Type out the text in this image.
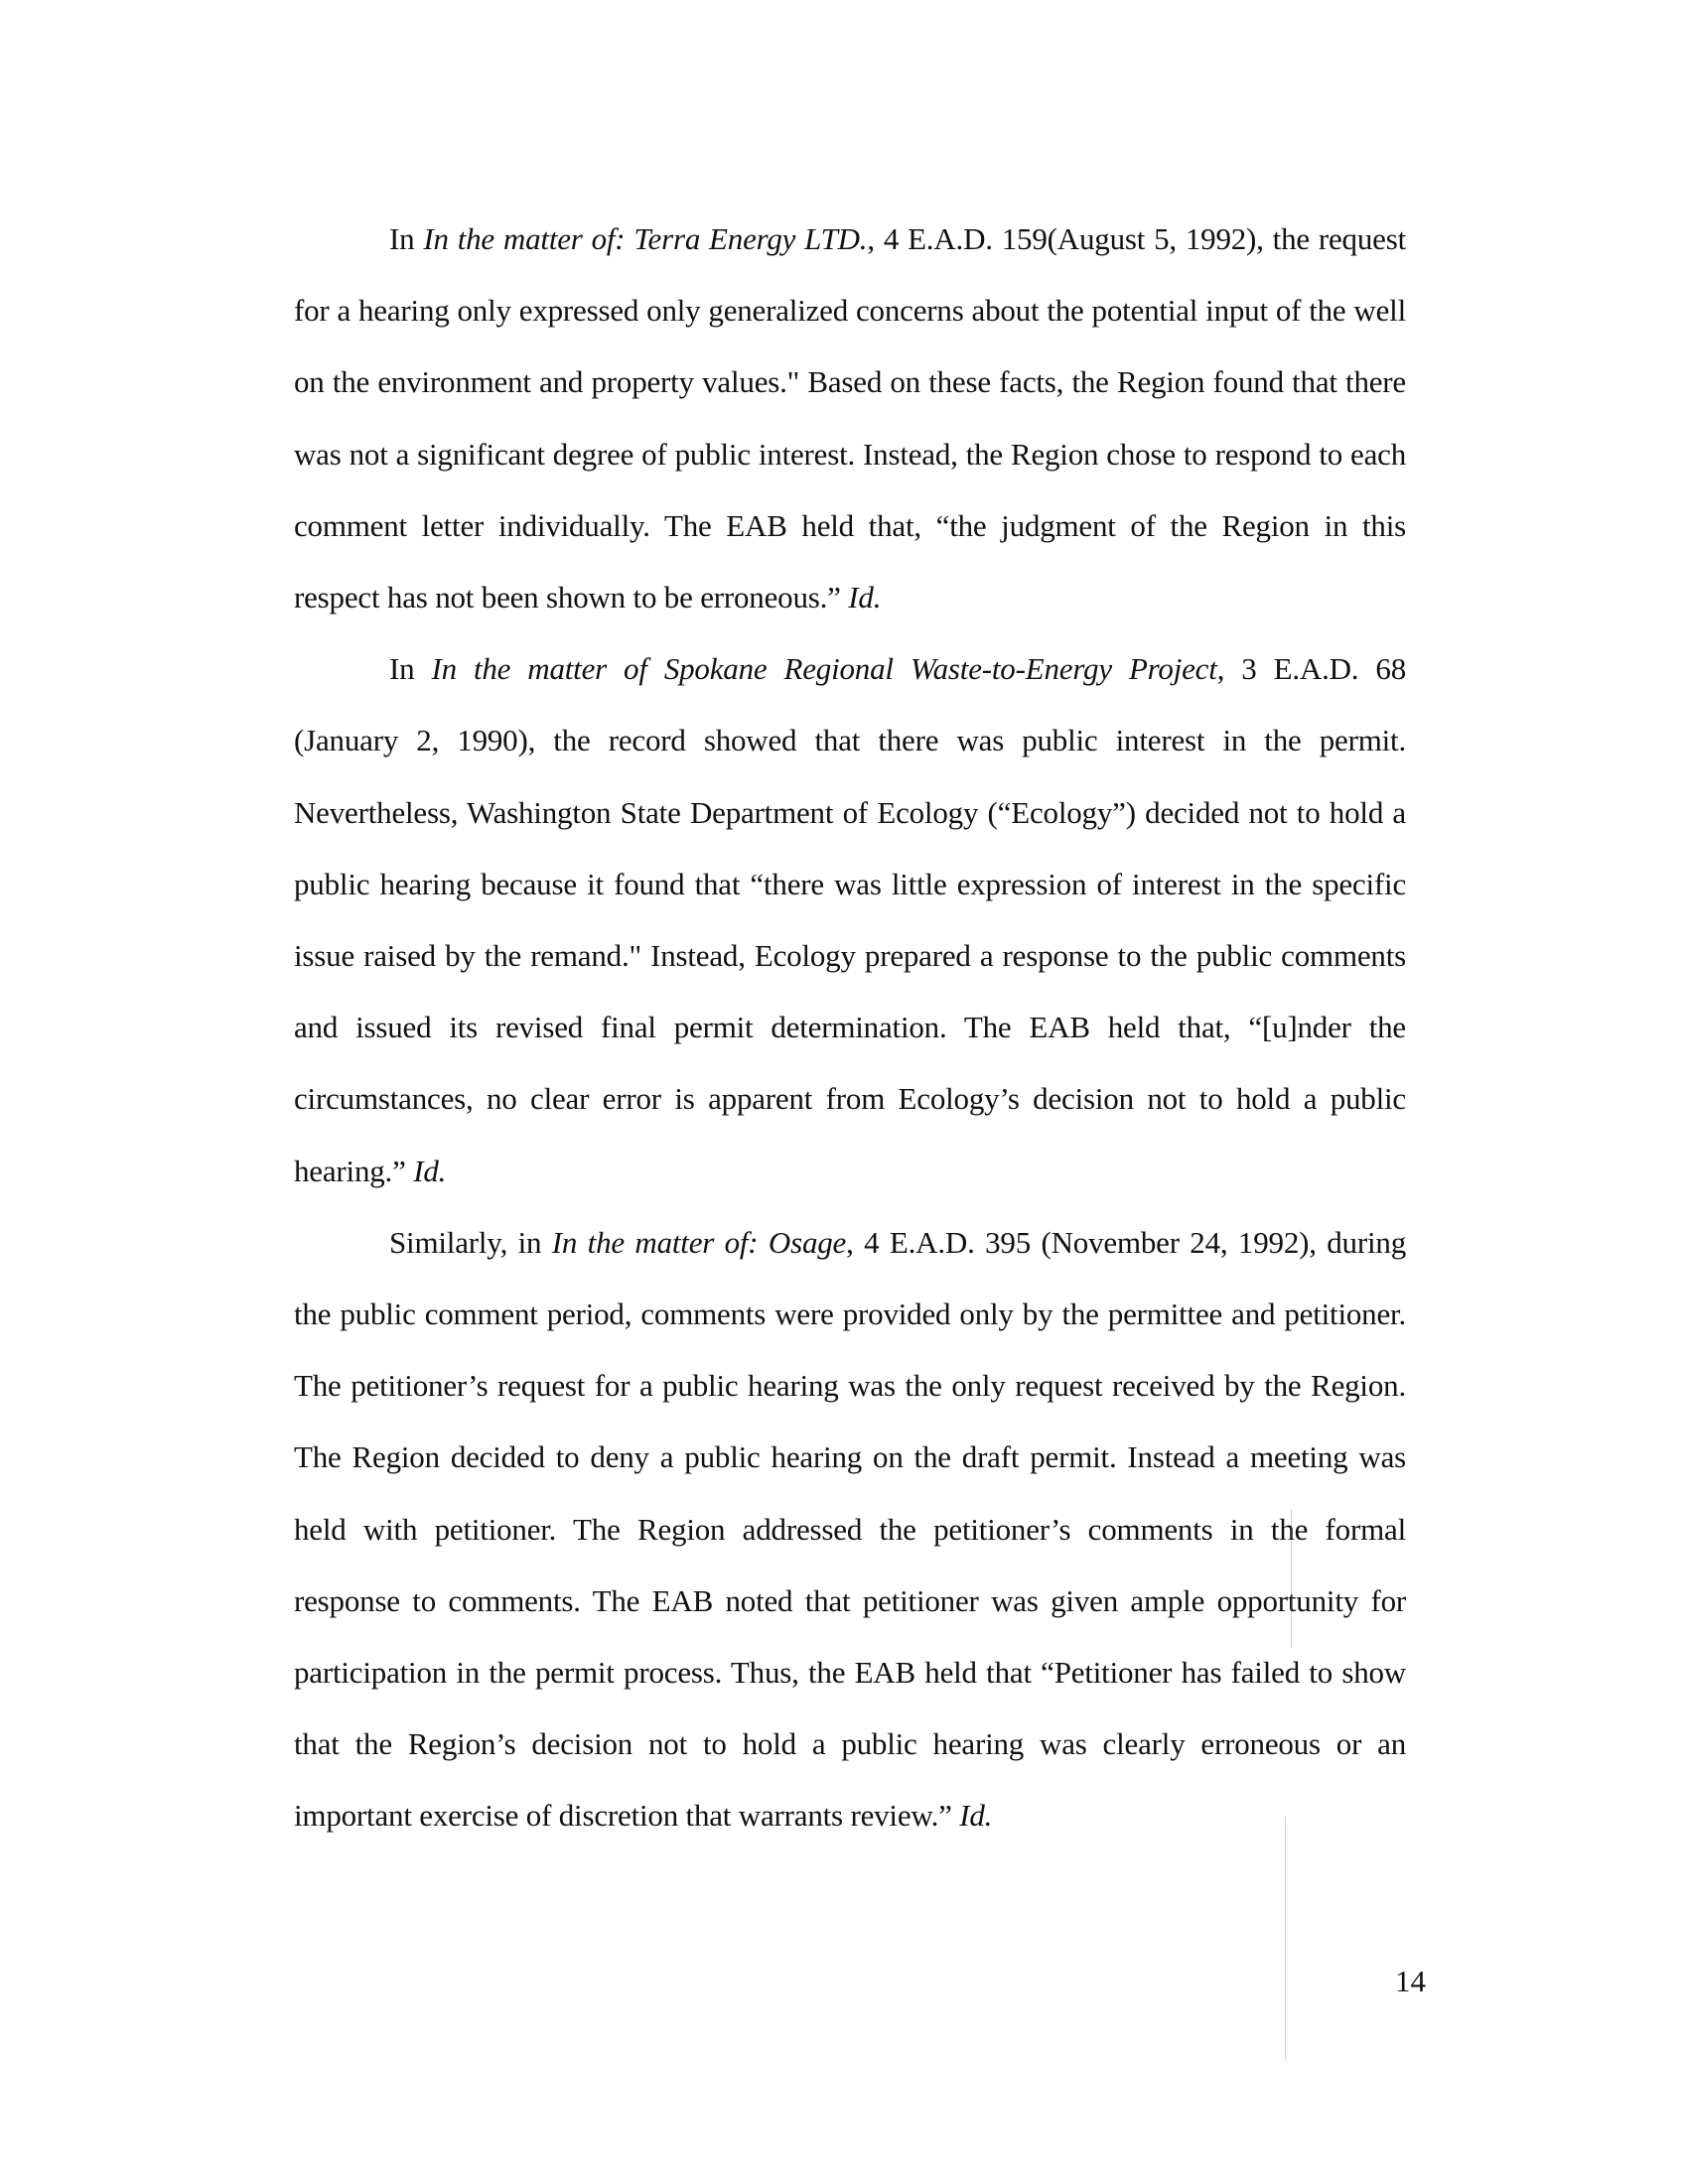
In In the matter of: Terra Energy LTD., 4 E.A.D. 159(August 5, 1992), the request for a hearing only expressed only generalized concerns about the potential input of the well on the environment and property values." Based on these facts, the Region found that there was not a significant degree of public interest. Instead, the Region chose to respond to each comment letter individually. The EAB held that, “the judgment of the Region in this respect has not been shown to be erroneous.” Id.

In In the matter of Spokane Regional Waste-to-Energy Project, 3 E.A.D. 68 (January 2, 1990), the record showed that there was public interest in the permit. Nevertheless, Washington State Department of Ecology (“Ecology”) decided not to hold a public hearing because it found that “there was little expression of interest in the specific issue raised by the remand." Instead, Ecology prepared a response to the public comments and issued its revised final permit determination. The EAB held that, “[u]nder the circumstances, no clear error is apparent from Ecology’s decision not to hold a public hearing.” Id.

Similarly, in In the matter of: Osage, 4 E.A.D. 395 (November 24, 1992), during the public comment period, comments were provided only by the permittee and petitioner. The petitioner’s request for a public hearing was the only request received by the Region. The Region decided to deny a public hearing on the draft permit. Instead a meeting was held with petitioner. The Region addressed the petitioner’s comments in the formal response to comments. The EAB noted that petitioner was given ample opportunity for participation in the permit process. Thus, the EAB held that “Petitioner has failed to show that the Region’s decision not to hold a public hearing was clearly erroneous or an important exercise of discretion that warrants review.” Id.

14
